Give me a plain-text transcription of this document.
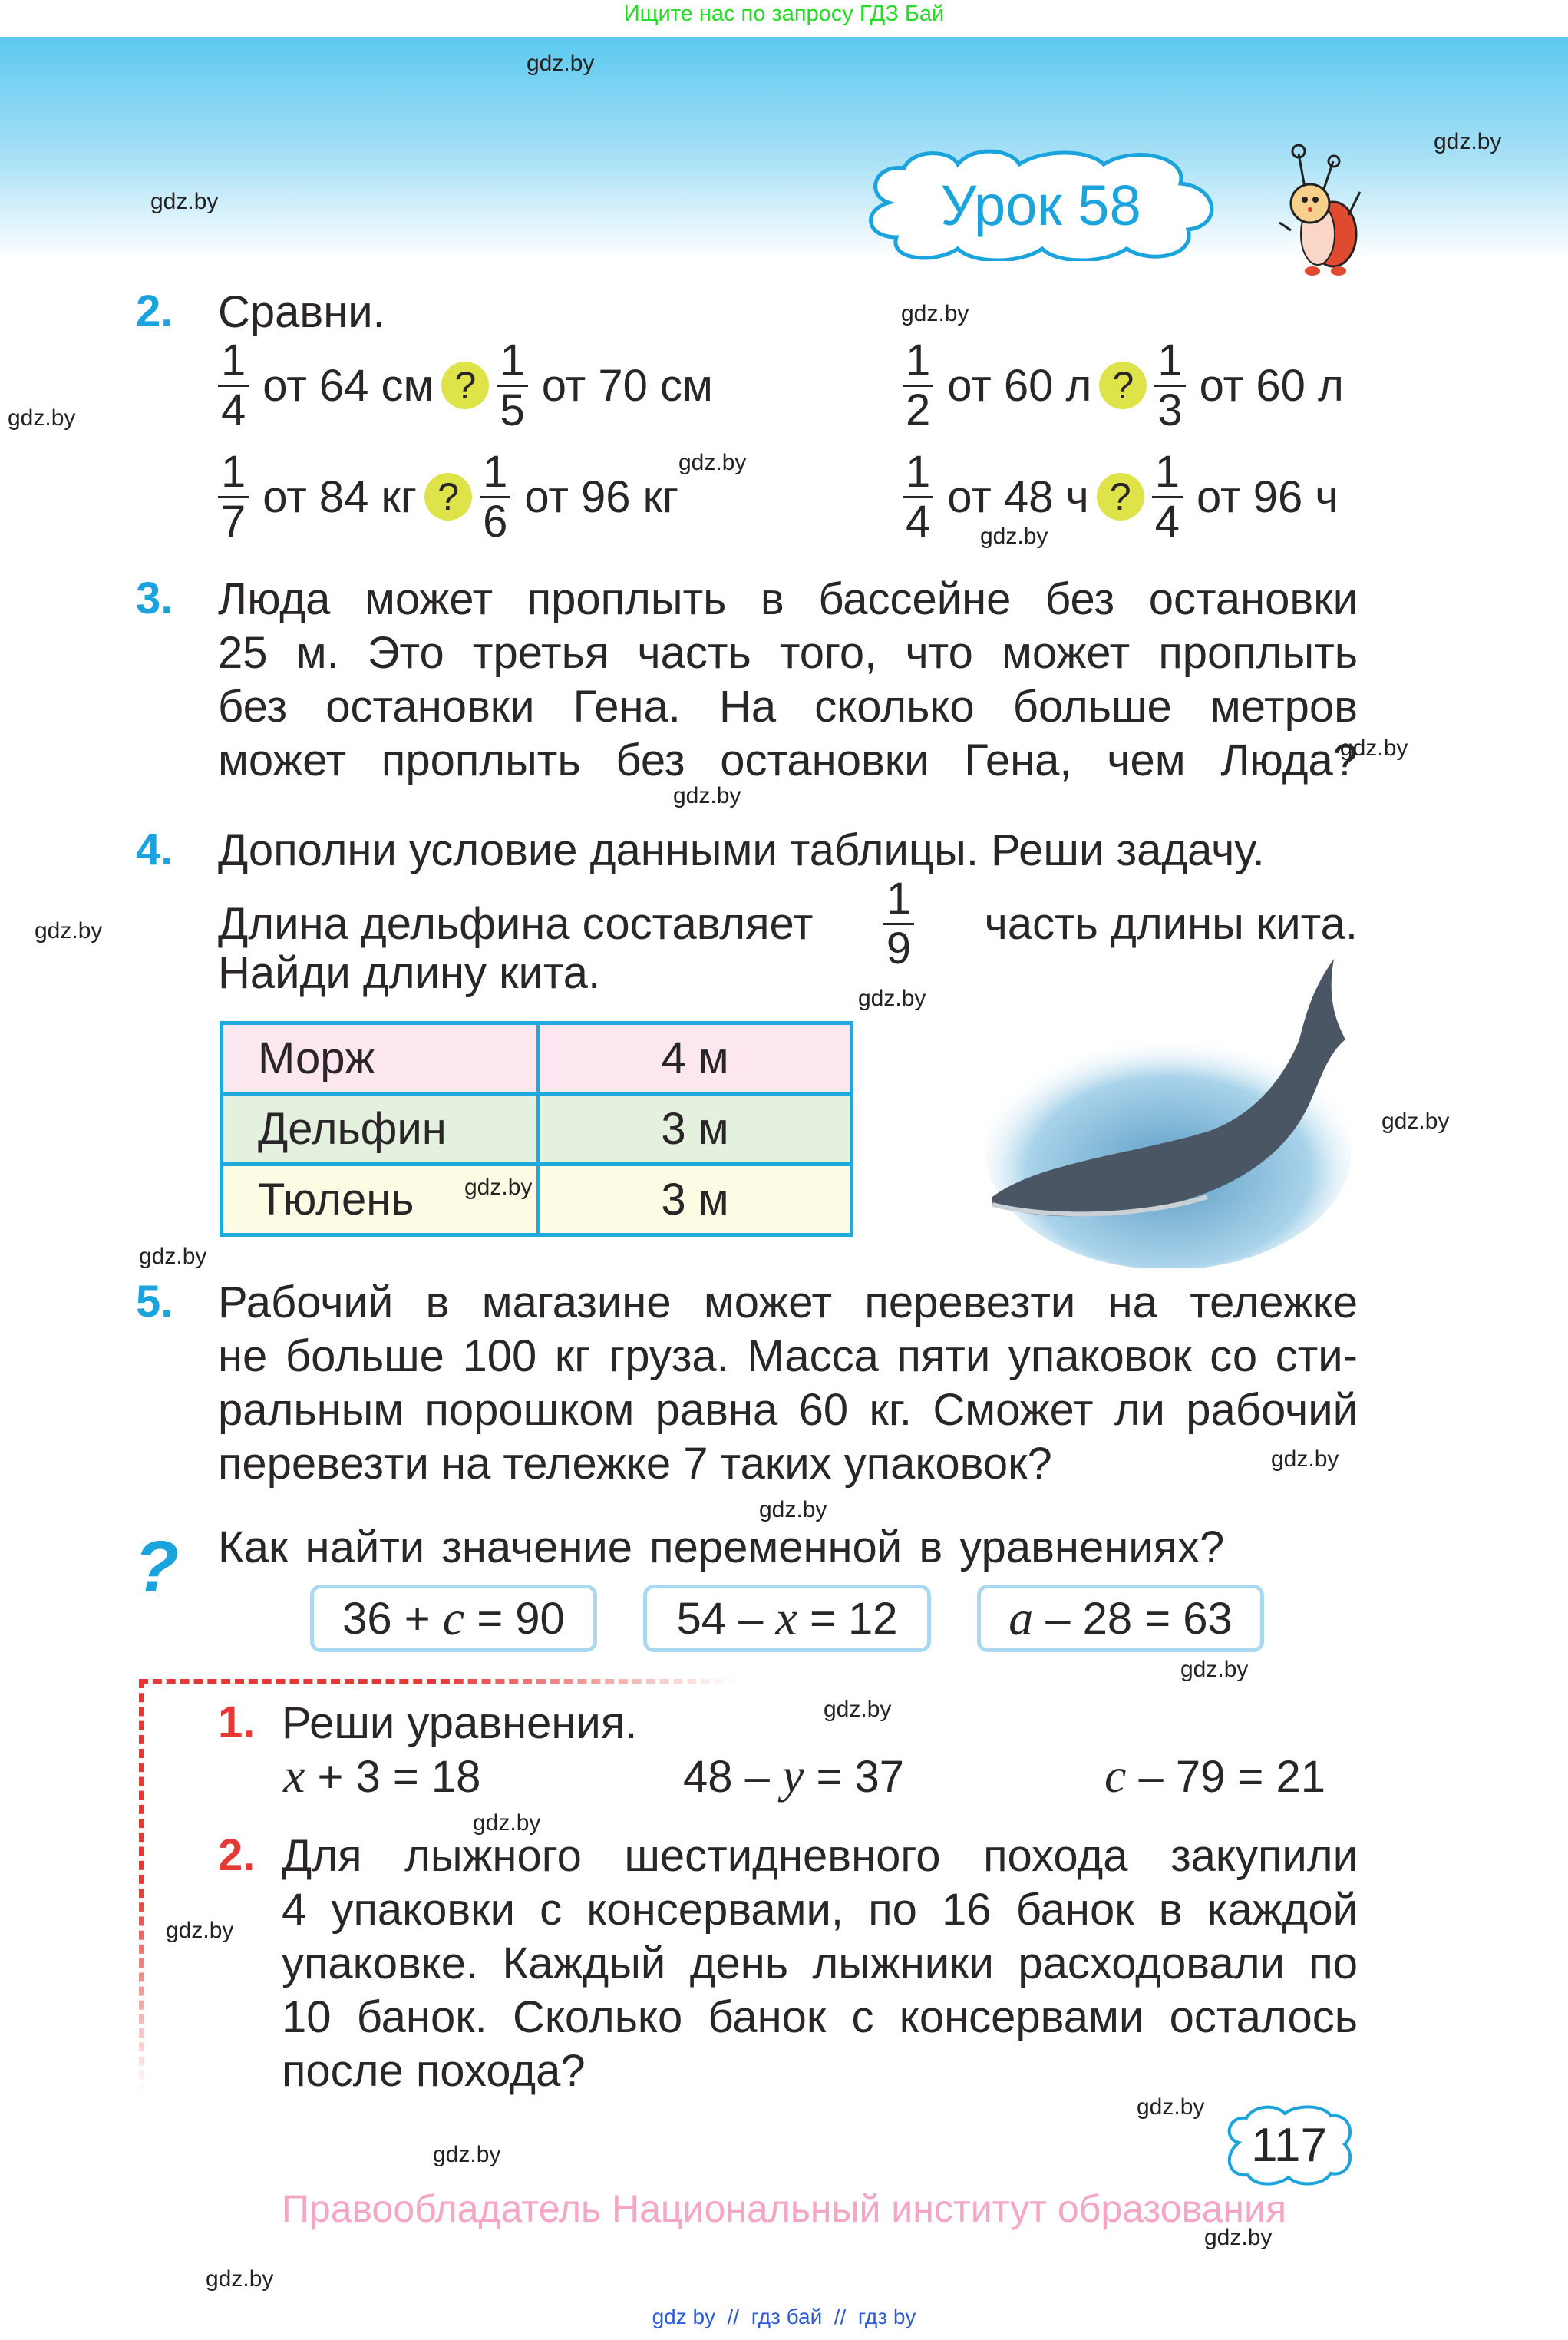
Ищите нас по запросу ГДЗ Бай
Урок 58
2. Сравни.
$\frac{1}{4}$ от 64 см ? $\frac{1}{5}$ от 70 см	$\frac{1}{2}$ от 60 л ? $\frac{1}{3}$ от 60 л
$\frac{1}{7}$ от 84 кг ? $\frac{1}{6}$ от 96 кг	$\frac{1}{4}$ от 48 ч ? $\frac{1}{4}$ от 96 ч
3. Люда может проплыть в бассейне без остановки
25 м. Это третья часть того, что может проплыть
без остановки Гена. На сколько больше метров
может проплыть без остановки Гена, чем Люда?
4. Дополни условие данными таблицы. Реши задачу.
Длина дельфина составляет $\frac{1}{9}$ часть длины кита.
Найди длину кита.
Морж	4 м
Дельфин	3 м
Тюлень	3 м
5. Рабочий в магазине может перевезти на тележке
не больше 100 кг груза. Масса пяти упаковок со сти-
ральным порошком равна 60 кг. Сможет ли рабочий
перевезти на тележке 7 таких упаковок?
? Как найти значение переменной в уравнениях?
36 + c = 90	54 – x = 12 a – 28 = 63
1. Реши уравнения.
x + 3 = 18	48 – y = 37	c – 79 = 21
2. Для лыжного шестидневного похода закупили
4 упаковки с консервами, по 16 банок в каждой
упаковке. Каждый день лыжники расходовали по
10 банок. Сколько банок с консервами осталось
после похода?
117
Правообладатель Национальный институт образования
gdz by  //  гдз бай  //  гдз by
gdz.by
gdz.by
gdz.by
gdz.by
gdz.by
gdz.by
gdz.by
gdz.by
gdz.by
gdz.by
gdz.by
gdz.by
gdz.by
gdz.by
gdz.by
gdz.by
gdz.by
gdz.by
gdz.by
gdz.by
gdz.by
gdz.by
gdz.by
gdz.by
